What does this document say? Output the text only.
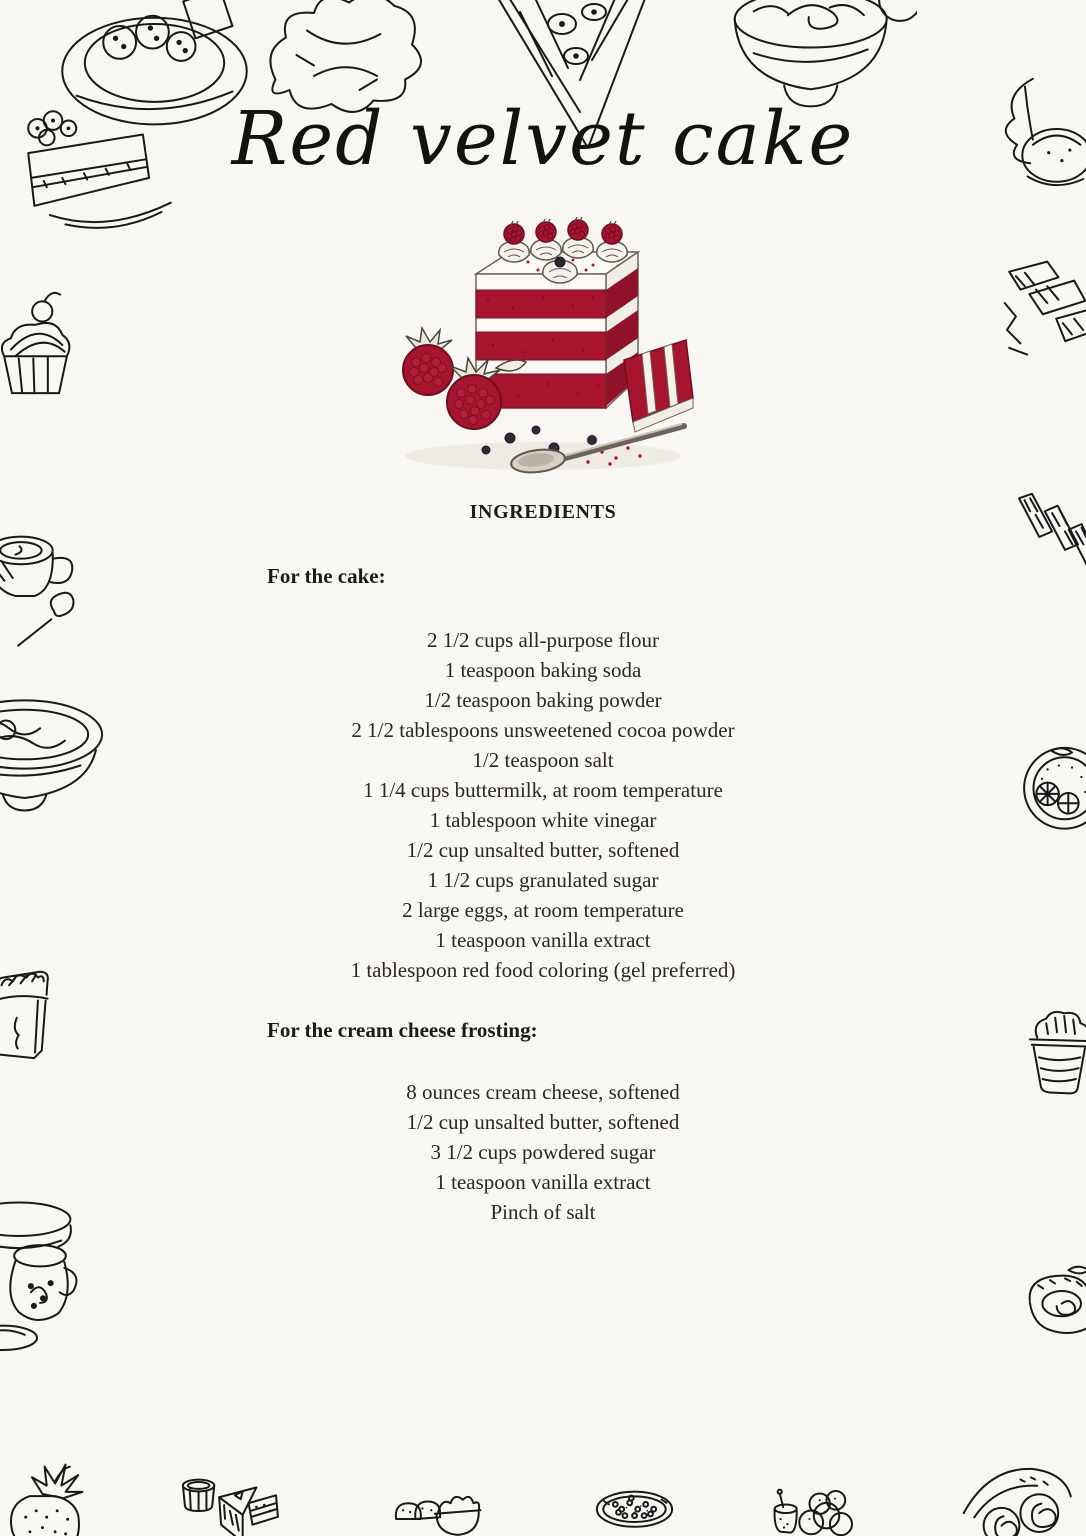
Red velvet cake
INGREDIENTS
For the cake:
2 1/2 cups all-purpose flour
1 teaspoon baking soda
1/2 teaspoon baking powder
2 1/2 tablespoons unsweetened cocoa powder
1/2 teaspoon salt
1 1/4 cups buttermilk, at room temperature
1 tablespoon white vinegar
1/2 cup unsalted butter, softened
1 1/2 cups granulated sugar
2 large eggs, at room temperature
1 teaspoon vanilla extract
1 tablespoon red food coloring (gel preferred)
For the cream cheese frosting:
8 ounces cream cheese, softened
1/2 cup unsalted butter, softened
3 1/2 cups powdered sugar
1 teaspoon vanilla extract
Pinch of salt
